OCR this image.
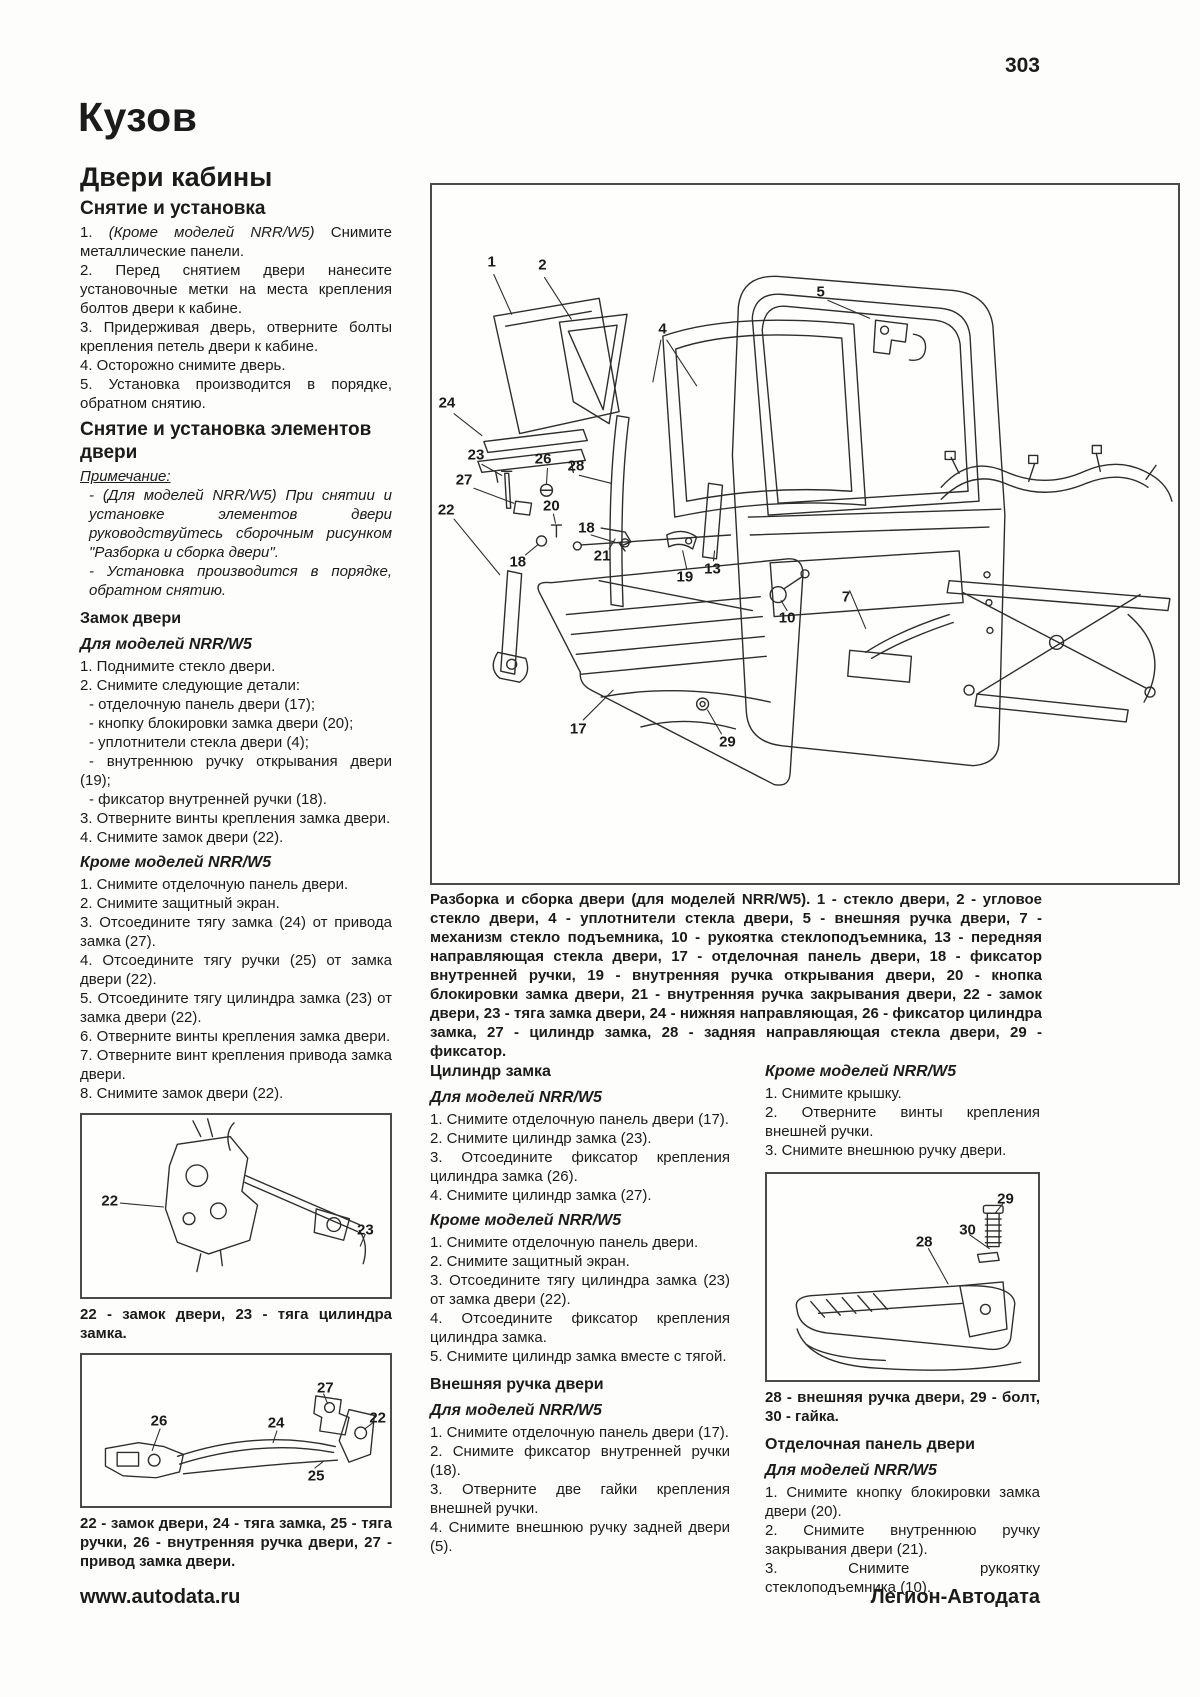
303
Кузов
Двери кабины
Снятие и установка

1. (Кроме моделей NRR/W5) Снимите металлические панели.

2. Перед снятием двери нанесите установочные метки на места крепления болтов двери к кабине.

3. Придерживая дверь, отверните болты крепления петель двери к кабине.

4. Осторожно снимите дверь.

5. Установка производится в порядке, обратном снятию.

Снятие и установка элементов двери

Примечание:

- (Для моделей NRR/W5) При снятии и установке элементов двери руководствуйтесь сборочным рисунком "Разборка и сборка двери".

- Установка производится в порядке, обратном снятию.

Замок двери

Для моделей NRR/W5

1. Поднимите стекло двери.

2. Снимите следующие детали:

- отделочную панель двери (17);

- кнопку блокировки замка двери (20);

- уплотнители стекла двери (4);

- внутреннюю ручку открывания двери (19);

- фиксатор внутренней ручки (18).

3. Отверните винты крепления замка двери.

4. Снимите замок двери (22).

Кроме моделей NRR/W5

1. Снимите отделочную панель двери.

2. Снимите защитный экран.

3. Отсоедините тягу замка (24) от привода замка (27).

4. Отсоедините тягу ручки (25) от замка двери (22).

5. Отсоедините тягу цилиндра замка (23) от замка двери (22).

6. Отверните винты крепления замка двери.

7. Отверните винт крепления привода замка двери.

8. Снимите замок двери (22).

22
23

22 - замок двери, 23 - тяга цилиндра замка.

26	24
27
22
25

22 - замок двери, 24 - тяга замка, 25 - тяга ручки, 26 - внутренняя ручка двери, 27 - привод замка двери.

1	2
4
5
24
23	26 28
27
22	20
18
18	21
19 13
10
7
17
29

Разборка и сборка двери (для моделей NRR/W5). 1 - стекло двери, 2 - угловое стекло двери, 4 - уплотнители стекла двери, 5 - внешняя ручка двери, 7 - механизм стекло подъемника, 10 - рукоятка стеклоподъемника, 13 - передняя направляющая стекла двери, 17 - отделочная панель двери, 18 - фиксатор внутренней ручки, 19 - внутренняя ручка открывания двери, 20 - кнопка блокировки замка двери, 21 - внутренняя ручка закрывания двери, 22 - замок двери, 23 - тяга замка двери, 24 - нижняя направляющая, 26 - фиксатор цилиндра замка, 27 - цилиндр замка, 28 - задняя направляющая стекла двери, 29 - фиксатор.

Цилиндр замка

Для моделей NRR/W5

1. Снимите отделочную панель двери (17).

2. Снимите цилиндр замка (23).

3. Отсоедините фиксатор крепления цилиндра замка (26).

4. Снимите цилиндр замка (27).

Кроме моделей NRR/W5

1. Снимите отделочную панель двери.

2. Снимите защитный экран.

3. Отсоедините тягу цилиндра замка (23) от замка двери (22).

4. Отсоедините фиксатор крепления цилиндра замка.

5. Снимите цилиндр замка вместе с тягой.

Внешняя ручка двери

Для моделей NRR/W5

1. Снимите отделочную панель двери (17).

2. Снимите фиксатор внутренней ручки (18).

3. Отверните две гайки крепления внешней ручки.

4. Снимите внешнюю ручку задней двери (5).

Кроме моделей NRR/W5

1. Снимите крышку.

2. Отверните винты крепления внешней ручки.

3. Снимите внешнюю ручку двери.

29
30
28

28 - внешняя ручка двери, 29 - болт, 30 - гайка.

Отделочная панель двери

Для моделей NRR/W5

1. Снимите кнопку блокировки замка двери (20).

2. Снимите внутреннюю ручку закрывания двери (21).

3. Снимите рукоятку стеклоподъемника (10).

www.autodata.ru	Легион-Автодата
